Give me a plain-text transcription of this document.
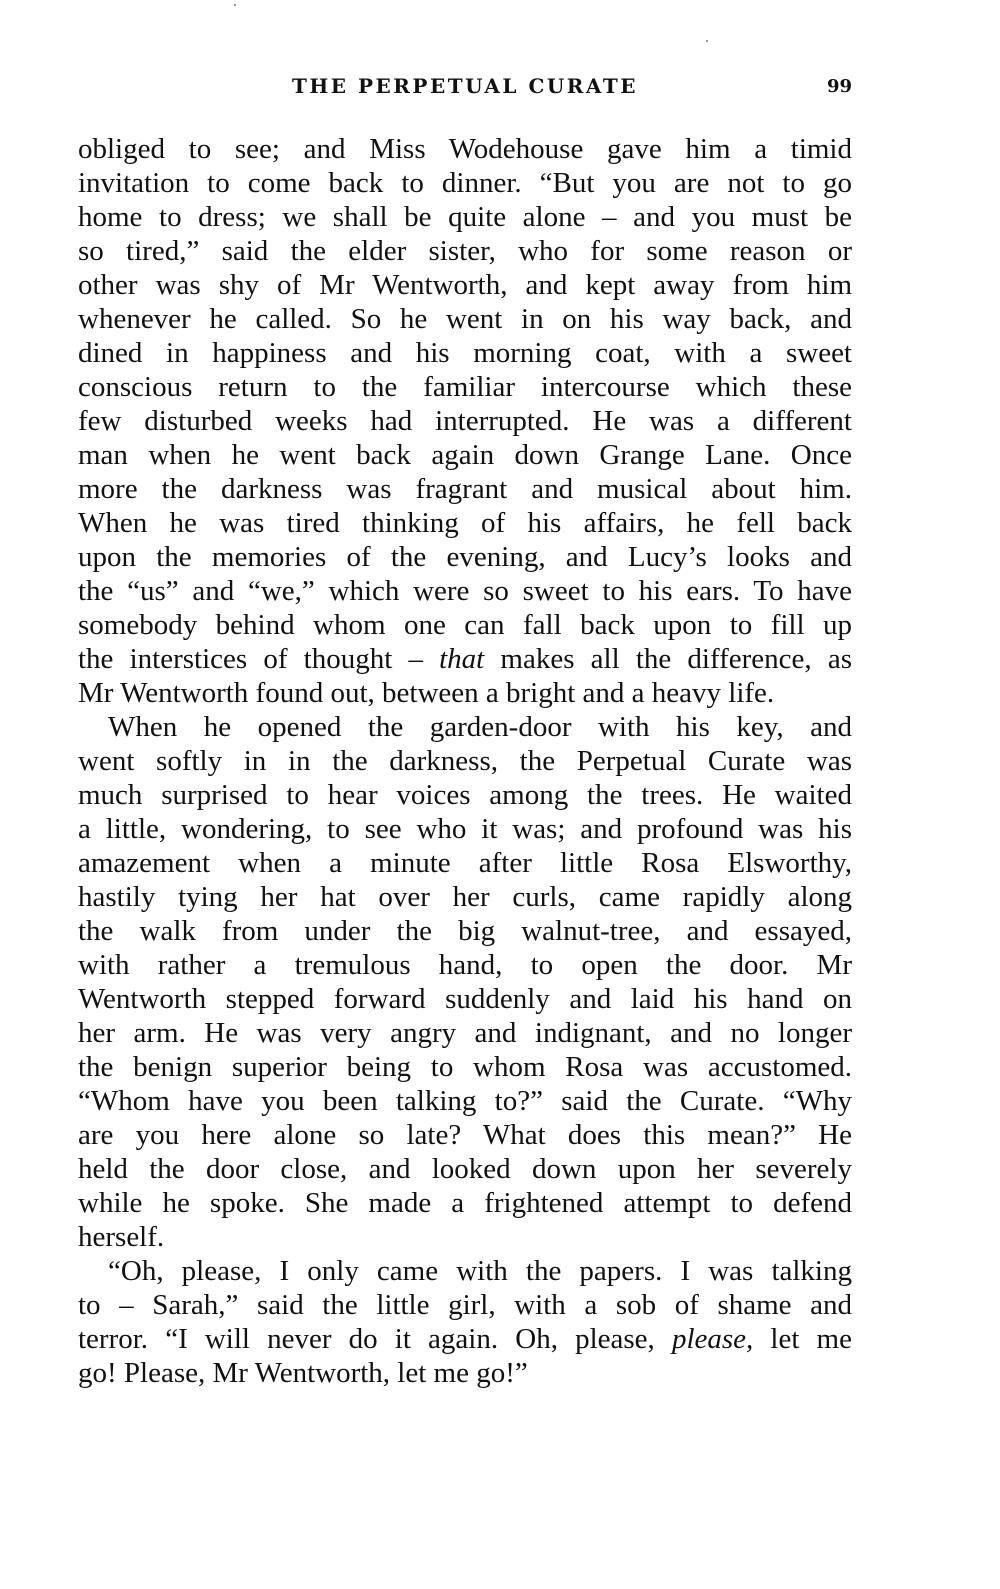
THE PERPETUAL CURATE	99
obliged to see; and Miss Wodehouse gave him a timid
invitation to come back to dinner. “But you are not to go
home to dress; we shall be quite alone – and you must be
so tired,” said the elder sister, who for some reason or
other was shy of Mr Wentworth, and kept away from him
whenever he called. So he went in on his way back, and
dined in happiness and his morning coat, with a sweet
conscious return to the familiar intercourse which these
few disturbed weeks had interrupted. He was a different
man when he went back again down Grange Lane. Once
more the darkness was fragrant and musical about him.
When he was tired thinking of his affairs, he fell back
upon the memories of the evening, and Lucy’s looks and
the “us” and “we,” which were so sweet to his ears. To have
somebody behind whom one can fall back upon to fill up
the interstices of thought – that makes all the difference, as
Mr Wentworth found out, between a bright and a heavy life.
When he opened the garden-door with his key, and
went softly in in the darkness, the Perpetual Curate was
much surprised to hear voices among the trees. He waited
a little, wondering, to see who it was; and profound was his
amazement when a minute after little Rosa Elsworthy,
hastily tying her hat over her curls, came rapidly along
the walk from under the big walnut-tree, and essayed,
with rather a tremulous hand, to open the door. Mr
Wentworth stepped forward suddenly and laid his hand on
her arm. He was very angry and indignant, and no longer
the benign superior being to whom Rosa was accustomed.
“Whom have you been talking to?” said the Curate. “Why
are you here alone so late? What does this mean?” He
held the door close, and looked down upon her severely
while he spoke. She made a frightened attempt to defend
herself.
“Oh, please, I only came with the papers. I was talking
to – Sarah,” said the little girl, with a sob of shame and
terror. “I will never do it again. Oh, please, please, let me
go! Please, Mr Wentworth, let me go!”
